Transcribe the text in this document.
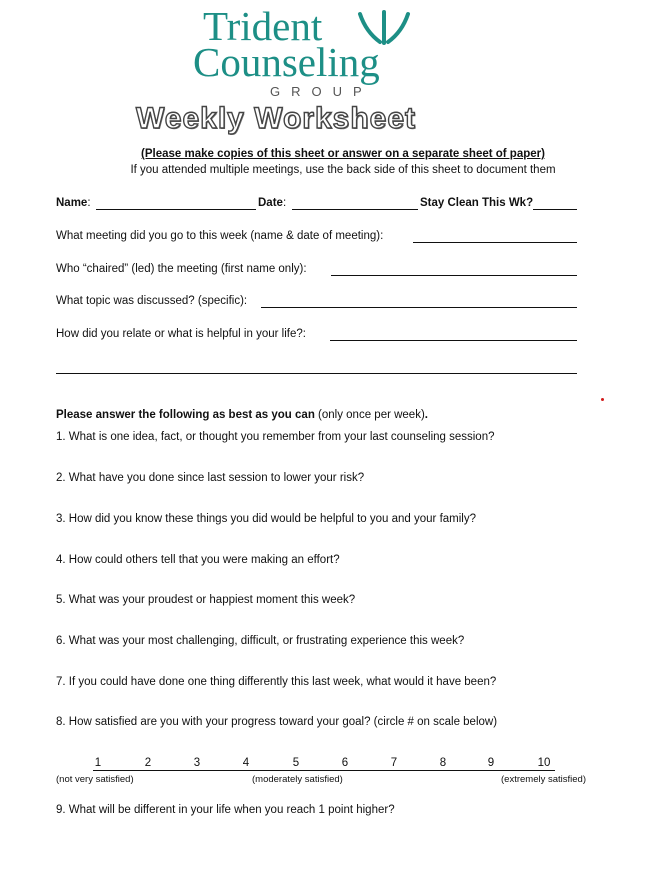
Trident
Counseling
GROUP
Weekly Worksheet
(Please make copies of this sheet or answer on a separate sheet of paper)
If you attended multiple meetings, use the back side of this sheet to document them
Name:	Date:	Stay Clean This Wk?
What meeting did you go to this week (name & date of meeting):
Who “chaired” (led) the meeting (first name only):
What topic was discussed? (specific):
How did you relate or what is helpful in your life?:
Please answer the following as best as you can (only once per week).
1. What is one idea, fact, or thought you remember from your last counseling session?
2. What have you done since last session to lower your risk?
3. How did you know these things you did would be helpful to you and your family?
4. How could others tell that you were making an effort?
5. What was your proudest or happiest moment this week?
6. What was your most challenging, difficult, or frustrating experience this week?
7. If you could have done one thing differently this last week, what would it have been?
8. How satisfied are you with your progress toward your goal? (circle # on scale below)
1	2	3	4	5	6	7	8	9	10
(not very satisfied)	(moderately satisfied)	(extremely satisfied)
9. What will be different in your life when you reach 1 point higher?
